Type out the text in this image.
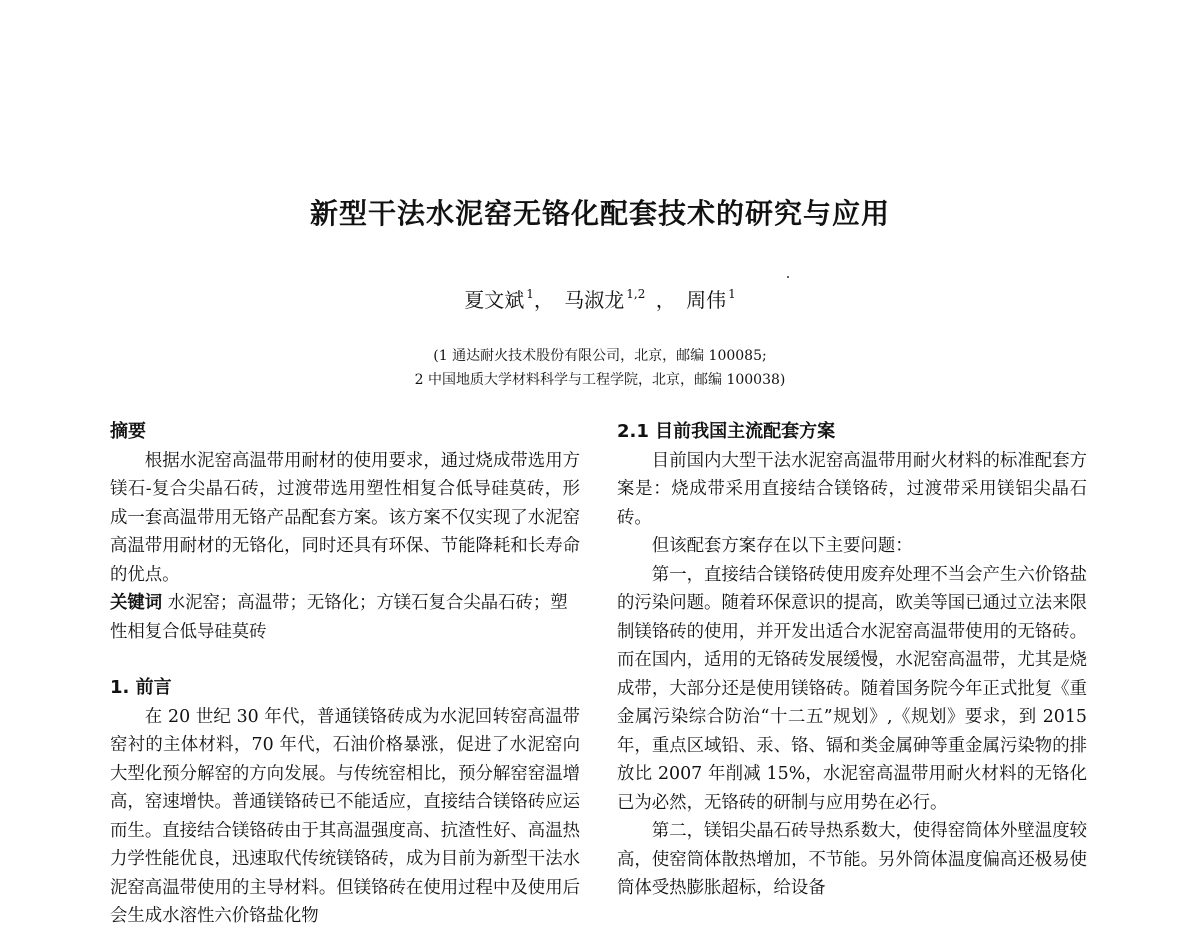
新型干法水泥窑无铬化配套技术的研究与应用
夏文斌 $^1$， 马淑龙 $^{1,2}$ ， 周伟 $^1$
(1 通达耐火技术股份有限公司，北京，邮编 100085;
2 中国地质大学材料科学与工程学院，北京，邮编 100038)
摘要

根据水泥窑高温带用耐材的使用要求，通过烧成带选用方镁石-复合尖晶石砖，过渡带选用塑性相复合低导硅莫砖，形成一套高温带用无铬产品配套方案。该方案不仅实现了水泥窑高温带用耐材的无铬化，同时还具有环保、节能降耗和长寿命的优点。

关键词 水泥窑；高温带；无铬化；方镁石复合尖晶石砖；塑性相复合低导硅莫砖

1. 前言

在 20 世纪 30 年代，普通镁铬砖成为水泥回转窑高温带窑衬的主体材料，70 年代，石油价格暴涨，促进了水泥窑向大型化预分解窑的方向发展。与传统窑相比，预分解窑窑温增高，窑速增快。普通镁铬砖已不能适应，直接结合镁铬砖应运而生。直接结合镁铬砖由于其高温强度高、抗渣性好、高温热力学性能优良，迅速取代传统镁铬砖，成为目前为新型干法水泥窑高温带使用的主导材料。但镁铬砖在使用过程中及使用后会生成水溶性六价铬盐化物

2.1 目前我国主流配套方案

目前国内大型干法水泥窑高温带用耐火材料的标准配套方案是：烧成带采用直接结合镁铬砖，过渡带采用镁铝尖晶石砖。

但该配套方案存在以下主要问题：

第一，直接结合镁铬砖使用废弃处理不当会产生六价铬盐的污染问题。随着环保意识的提高，欧美等国已通过立法来限制镁铬砖的使用，并开发出适合水泥窑高温带使用的无铬砖。而在国内，适用的无铬砖发展缓慢，水泥窑高温带，尤其是烧成带，大部分还是使用镁铬砖。随着国务院今年正式批复《重金属污染综合防治“十二五”规划》,《规划》要求，到 2015 年，重点区域铅、汞、铬、镉和类金属砷等重金属污染物的排放比 2007 年削减 15%，水泥窑高温带用耐火材料的无铬化已为必然，无铬砖的研制与应用势在必行。

第二，镁铝尖晶石砖导热系数大，使得窑筒体外壁温度较高，使窑筒体散热增加，不节能。另外筒体温度偏高还极易使筒体受热膨胀超标，给设备
